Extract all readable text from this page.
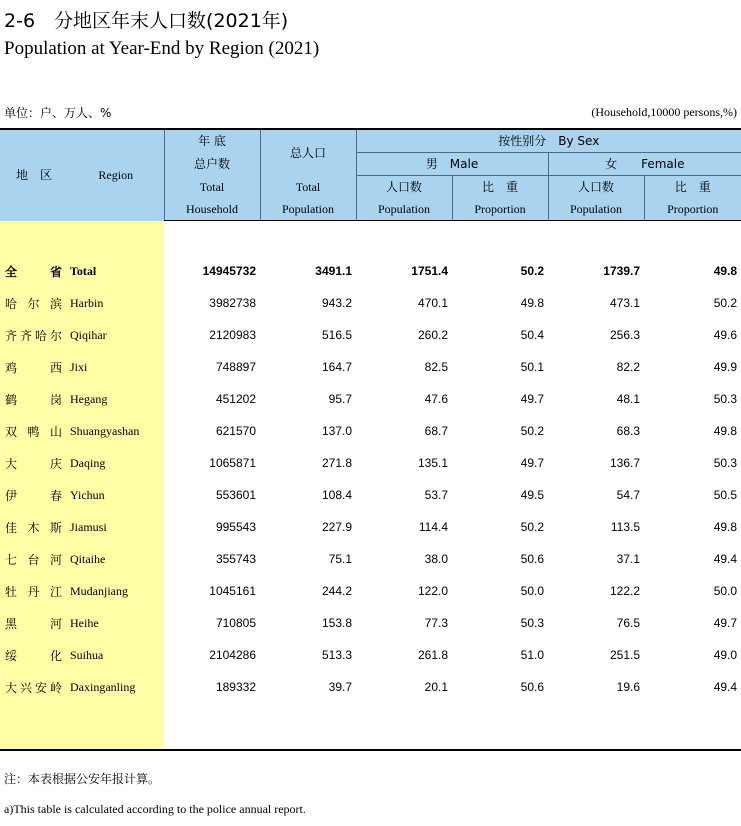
2-6　分地区年末人口数(2021年)
Population at Year-End by Region (2021)
单位：户、万人、%	(Household,10000 persons,%)
地　区	Region	年 底	总人口	按性别分　By Sex			
		总户数		男　Male		女　　Female	
		Total	Total	人口数	比　重	人口数	比　重
		Household	Population	Population	Proportion	Population	Proportion

全省	Total	14945732	3491.1	1751.4	50.2	1739.7	49.8
哈尔滨	Harbin	3982738	943.2	470.1	49.8	473.1	50.2
齐齐哈尔	Qiqihar	2120983	516.5	260.2	50.4	256.3	49.6
鸡西	Jixi	748897	164.7	82.5	50.1	82.2	49.9
鹤岗	Hegang	451202	95.7	47.6	49.7	48.1	50.3
双鸭山	Shuangyashan	621570	137.0	68.7	50.2	68.3	49.8
大庆	Daqing	1065871	271.8	135.1	49.7	136.7	50.3
伊春	Yichun	553601	108.4	53.7	49.5	54.7	50.5
佳木斯	Jiamusi	995543	227.9	114.4	50.2	113.5	49.8
七台河	Qitaihe	355743	75.1	38.0	50.6	37.1	49.4
牡丹江	Mudanjiang	1045161	244.2	122.0	50.0	122.2	50.0
黑河	Heihe	710805	153.8	77.3	50.3	76.5	49.7
绥化	Suihua	2104286	513.3	261.8	51.0	251.5	49.0
大兴安岭	Daxinganling	189332	39.7	20.1	50.6	19.6	49.4

注：本表根据公安年报计算。
a)This table is calculated according to the police annual report.
